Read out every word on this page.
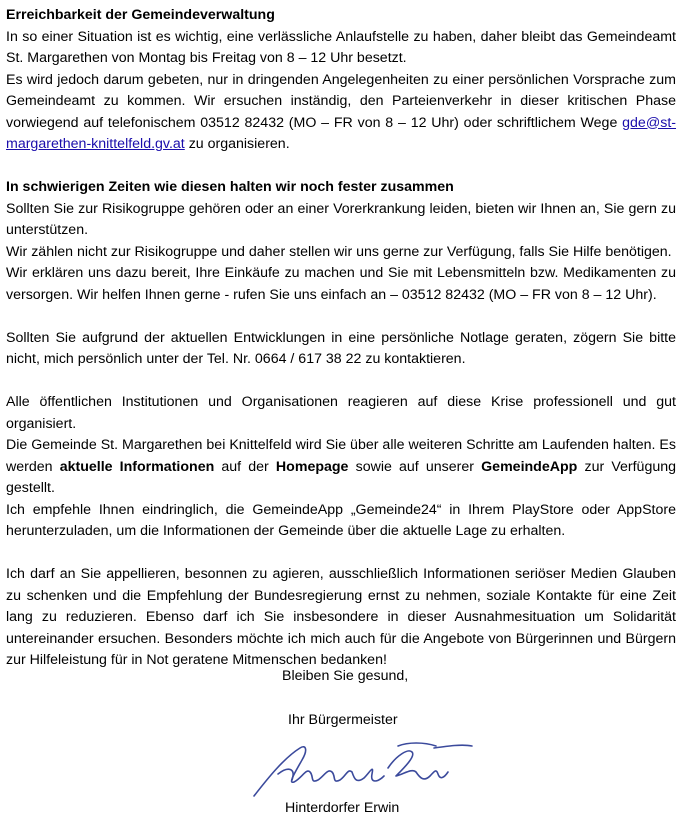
Erreichbarkeit der Gemeindeverwaltung

In so einer Situation ist es wichtig, eine verlässliche Anlaufstelle zu haben, daher bleibt das Gemeindeamt St. Margarethen von Montag bis Freitag von 8 – 12 Uhr besetzt.

Es wird jedoch darum gebeten, nur in dringenden Angelegenheiten zu einer persönlichen Vorsprache zum Gemeindeamt zu kommen. Wir ersuchen inständig, den Parteienverkehr in dieser kritischen Phase vorwiegend auf telefonischem 03512 82432 (MO – FR von 8 – 12 Uhr) oder schriftlichem Wege gde@st-margarethen-knittelfeld.gv.at zu organisieren.

In schwierigen Zeiten wie diesen halten wir noch fester zusammen

Sollten Sie zur Risikogruppe gehören oder an einer Vorerkrankung leiden, bieten wir Ihnen an, Sie gern zu unterstützen.

Wir zählen nicht zur Risikogruppe und daher stellen wir uns gerne zur Verfügung, falls Sie Hilfe benötigen.

Wir erklären uns dazu bereit, Ihre Einkäufe zu machen und Sie mit Lebensmitteln bzw. Medikamenten zu versorgen. Wir helfen Ihnen gerne - rufen Sie uns einfach an – 03512 82432 (MO – FR von 8 – 12 Uhr).

Sollten Sie aufgrund der aktuellen Entwicklungen in eine persönliche Notlage geraten, zögern Sie bitte nicht, mich persönlich unter der Tel. Nr. 0664 / 617 38 22 zu kontaktieren.

Alle öffentlichen Institutionen und Organisationen reagieren auf diese Krise professionell und gut organisiert.

Die Gemeinde St. Margarethen bei Knittelfeld wird Sie über alle weiteren Schritte am Laufenden halten. Es werden aktuelle Informationen auf der Homepage sowie auf unserer GemeindeApp zur Verfügung gestellt.

Ich empfehle Ihnen eindringlich, die GemeindeApp „Gemeinde24“ in Ihrem PlayStore oder AppStore herunterzuladen, um die Informationen der Gemeinde über die aktuelle Lage zu erhalten.

Ich darf an Sie appellieren, besonnen zu agieren, ausschließlich Informationen seriöser Medien Glauben zu schenken und die Empfehlung der Bundesregierung ernst zu nehmen, soziale Kontakte für eine Zeit lang zu reduzieren. Ebenso darf ich Sie insbesondere in dieser Ausnahmesituation um Solidarität untereinander ersuchen. Besonders möchte ich mich auch für die Angebote von Bürgerinnen und Bürgern zur Hilfeleistung für in Not geratene Mitmenschen bedanken!

Bleiben Sie gesund,
Ihr Bürgermeister
Hinterdorfer Erwin
